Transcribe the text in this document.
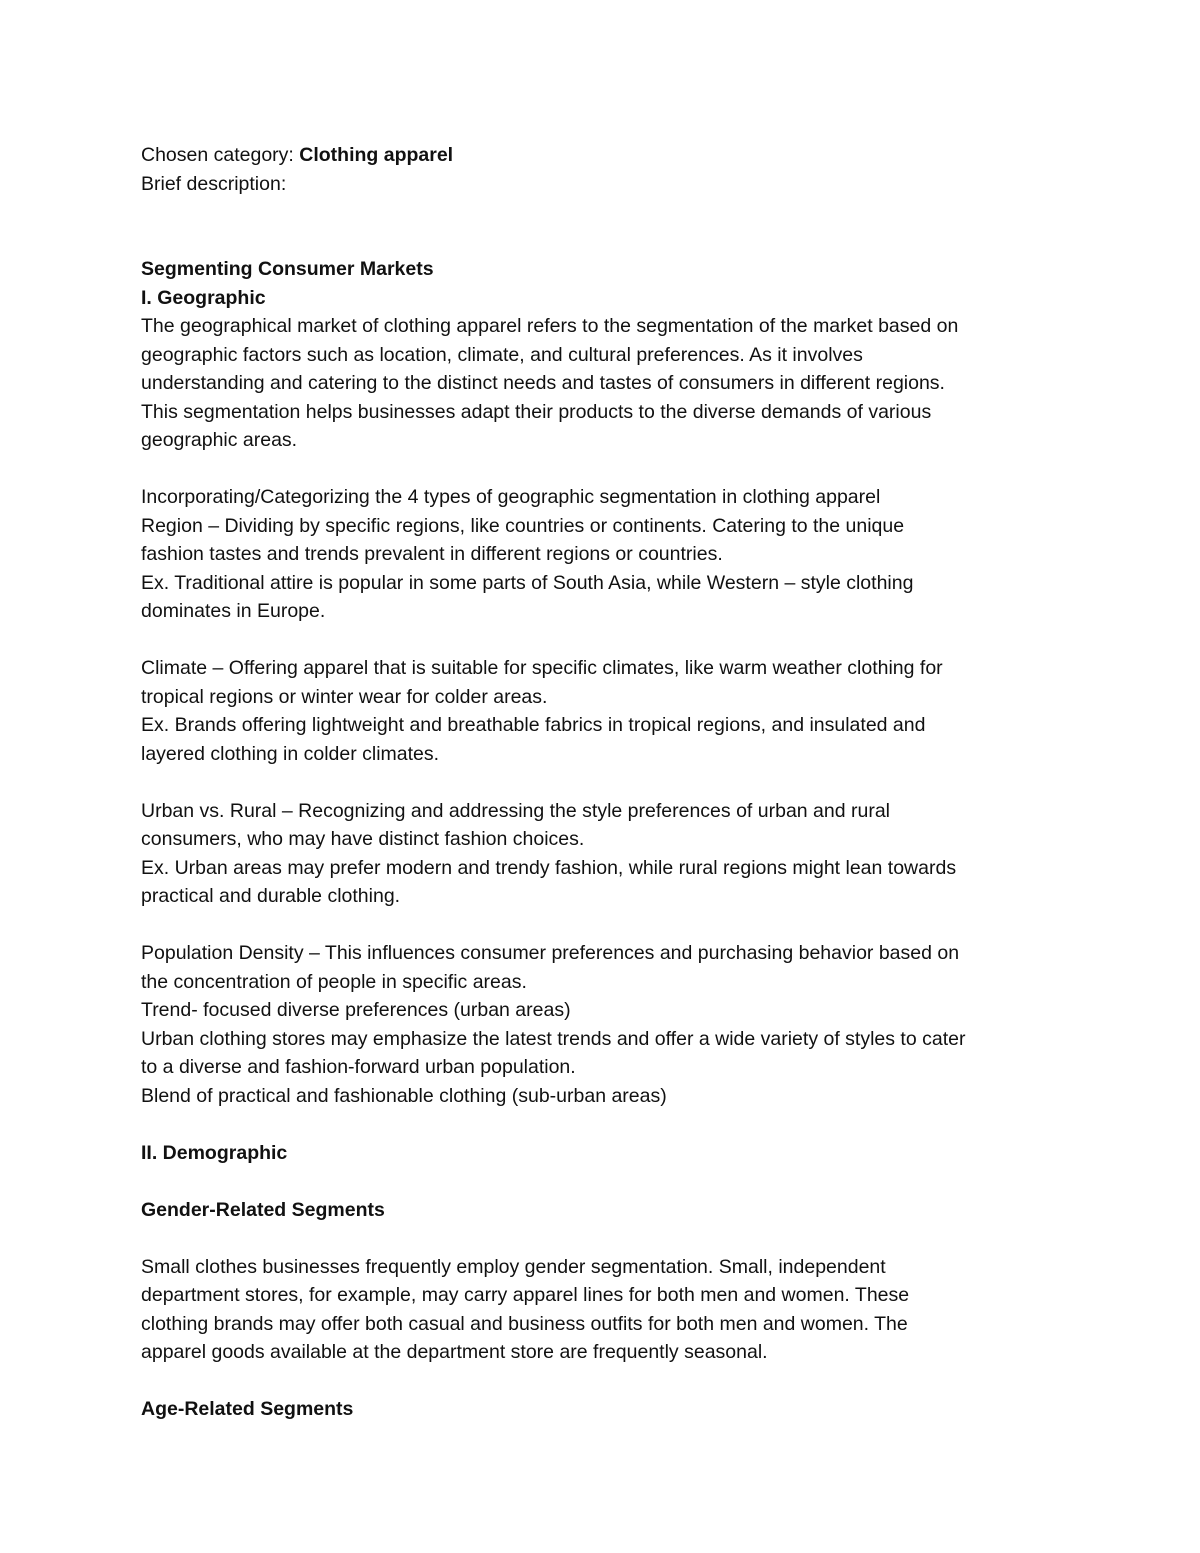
Chosen category: Clothing apparel
Brief description:
Segmenting Consumer Markets
I. Geographic
The geographical market of clothing apparel refers to the segmentation of the market based on
geographic factors such as location, climate, and cultural preferences. As it involves
understanding and catering to the distinct needs and tastes of consumers in different regions.
This segmentation helps businesses adapt their products to the diverse demands of various
geographic areas.
Incorporating/Categorizing the 4 types of geographic segmentation in clothing apparel
Region – Dividing by specific regions, like countries or continents. Catering to the unique
fashion tastes and trends prevalent in different regions or countries.
Ex. Traditional attire is popular in some parts of South Asia, while Western – style clothing
dominates in Europe.
Climate – Offering apparel that is suitable for specific climates, like warm weather clothing for
tropical regions or winter wear for colder areas.
Ex. Brands offering lightweight and breathable fabrics in tropical regions, and insulated and
layered clothing in colder climates.
Urban vs. Rural – Recognizing and addressing the style preferences of urban and rural
consumers, who may have distinct fashion choices.
Ex. Urban areas may prefer modern and trendy fashion, while rural regions might lean towards
practical and durable clothing.
Population Density – This influences consumer preferences and purchasing behavior based on
the concentration of people in specific areas.
Trend- focused diverse preferences (urban areas)
Urban clothing stores may emphasize the latest trends and offer a wide variety of styles to cater
to a diverse and fashion-forward urban population.
Blend of practical and fashionable clothing (sub-urban areas)
II. Demographic
Gender-Related Segments
Small clothes businesses frequently employ gender segmentation. Small, independent
department stores, for example, may carry apparel lines for both men and women. These
clothing brands may offer both casual and business outfits for both men and women. The
apparel goods available at the department store are frequently seasonal.
Age-Related Segments
